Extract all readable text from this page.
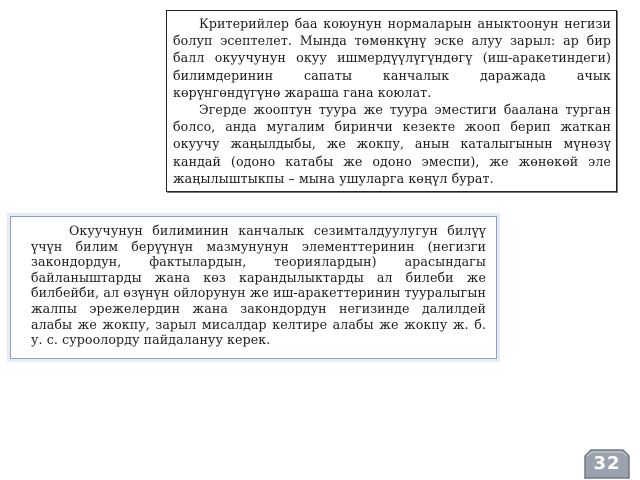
Критерийлер баа коюунун нормаларын аныктоонун негизи болуп эсептелет. Мында төмөнкүнү эске алуу зарыл: ар бир балл окуучунун окуу ишмердүүлүгүндөгү (иш-аракетиндеги) билимдеринин сапаты канчалык даражада ачык көрүнгөндүгүнө жараша гана коюлат.

Эгерде жооптун туура же туура эместиги баалана турган болсо, анда мугалим биринчи кезекте жооп берип жаткан окуучу жаңылдыбы, же жокпу, анын каталыгынын мүнөзү кандай (одоно катабы же одоно эмеспи), же жөнөкөй эле жаңылыштыкпы – мына ушуларга көңүл бурат.

Окуучунун билиминин канчалык сезимталдуулугун билүү үчүн билим берүүнүн мазмунунун элементтеринин (негизги закондордун, фактылардын, теориялардын) арасындагы байланыштарды жана көз карандылыктарды ал билеби же билбейби, ал өзүнүн ойлорунун же иш-аракеттеринин тууралыгын жалпы эрежелердин жана закондордун негизинде далилдей алабы же жокпу, зарыл мисалдар келтире алабы же жокпу ж. б. у. с. суроолорду пайдалануу керек.

32
